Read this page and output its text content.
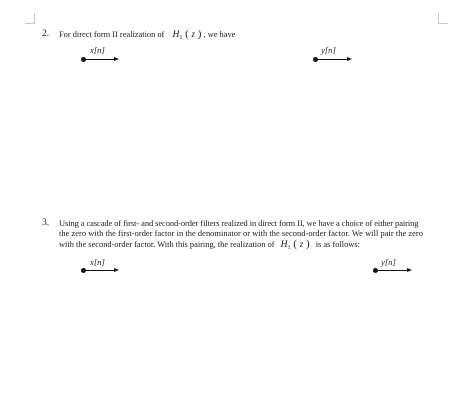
2. For direct form II realization of $H_1$ ( z ) , we have
x[n]	y[n]
3. Using a cascade of first- and second-order filters realized in direct form II, we have a choice of either pairing
the zero with the first-order factor in the denominator or with the second-order factor. We will pair the zero
with the second-order factor. With this pairing, the realization of $H_1$ ( z ) is as follows:
x[n]	y[n]
